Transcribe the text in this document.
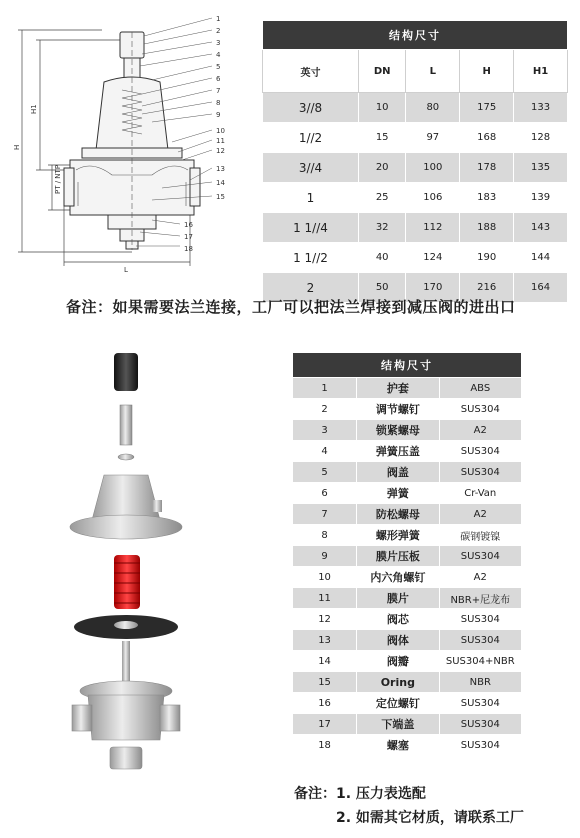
1
2
3
4
5
6
7
8
9
10
11
12
13
14
15
16
17
18
H
H1
PT / NTP
L
结构尺寸				
英寸	DN	L	H	H1
3//8	10	80	175	133
1//2	15	97	168	128
3//4	20	100	178	135
1	25	106	183	139
1 1//4	32	112	188	143
1 1//2	40	124	190	144
2	50	170	216	164
备注：如果需要法兰连接，工厂可以把法兰焊接到减压阀的进出口
结构尺寸		
1	护套	ABS
2	调节螺钉	SUS304
3	锁紧螺母	A2
4	弹簧压盖	SUS304
5	阀盖	SUS304
6	弹簧	Cr-Van
7	防松螺母	A2
8	螺形弹簧	碳钢镀镍
9	膜片压板	SUS304
10	内六角螺钉	A2
11	膜片	NBR+尼龙布
12	阀芯	SUS304
13	阀体	SUS304
14	阀瓣	SUS304+NBR
15	Oring	NBR
16	定位螺钉	SUS304
17	下端盖	SUS304
18	螺塞	SUS304
备注：1. 压力表选配
2. 如需其它材质，请联系工厂
